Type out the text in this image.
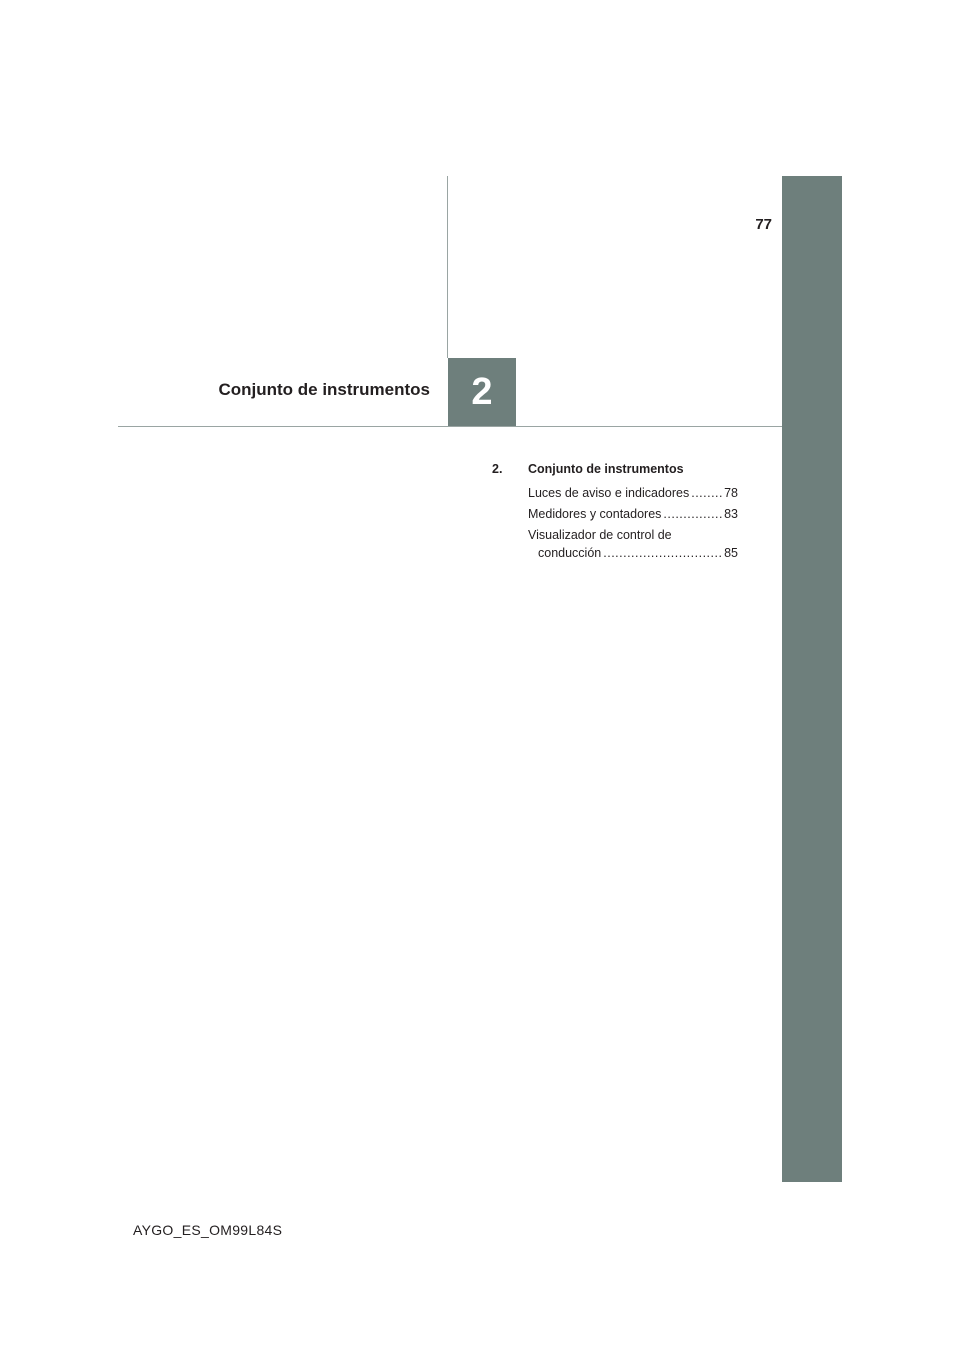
77
Conjunto de instrumentos 2
2.	Conjunto de instrumentos
Luces de aviso e indicadores .....	78
Medidores y contadores .....	83
Visualizador de control de
conducción .....	85
AYGO_ES_OM99L84S
